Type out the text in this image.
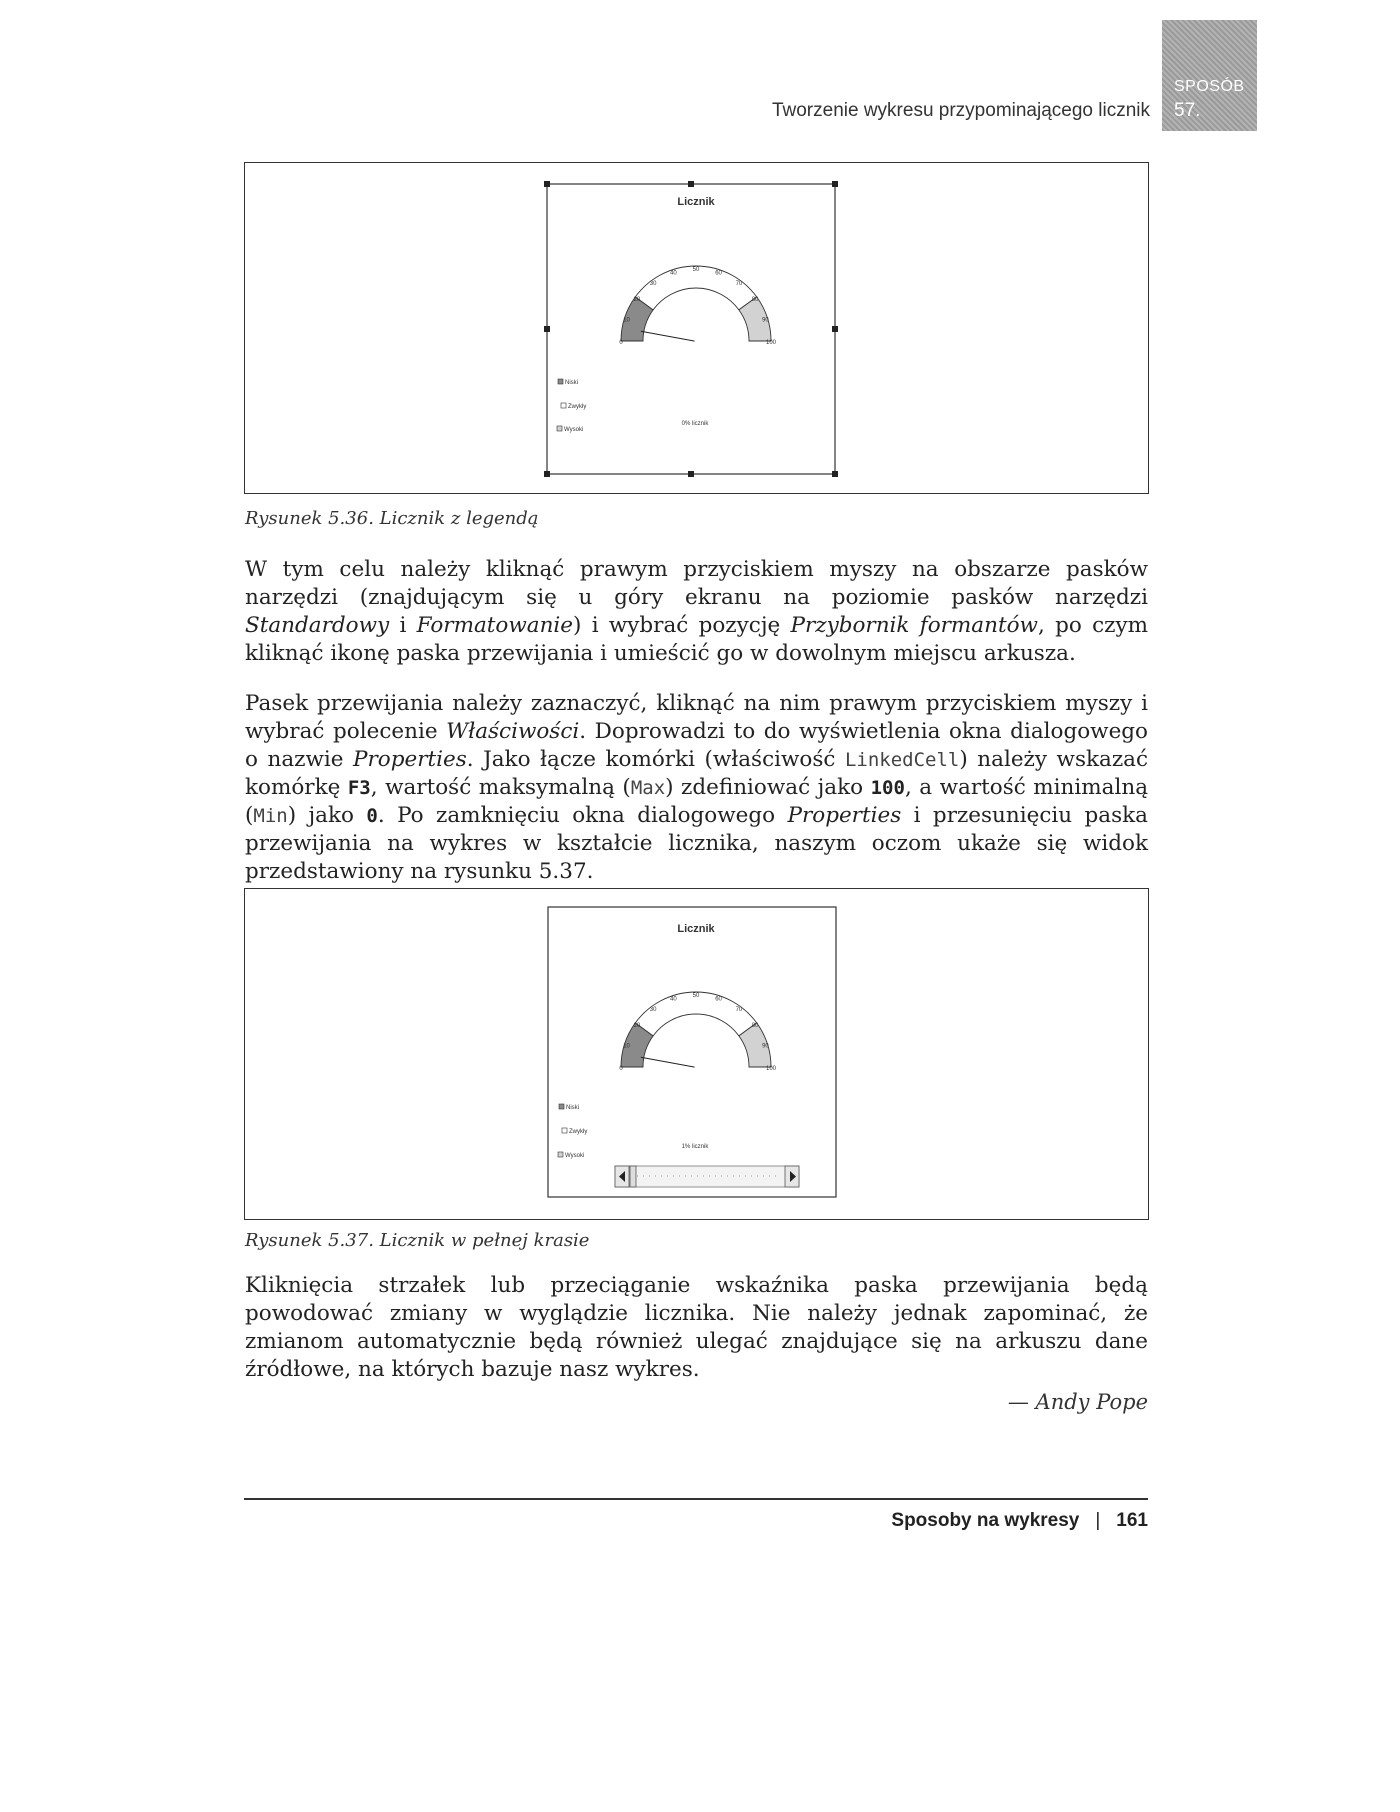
Tworzenie wykresu przypominającego licznik
SPOSÓB
57.
Licznik
0
10
20
30
40
50
60
70
80
90
100
Niski
Zwykły
Wysoki
0% licznik
Rysunek 5.36. Licznik z legendą

W tym celu należy kliknąć prawym przyciskiem myszy na obszarze pasków narzędzi (znajdującym się u góry ekranu na poziomie pasków narzędzi Standardowy i Formatowanie) i wybrać pozycję Przybornik formantów, po czym kliknąć ikonę paska przewijania i umieścić go w dowolnym miejscu arkusza.

Pasek przewijania należy zaznaczyć, kliknąć na nim prawym przyciskiem myszy i wybrać polecenie Właściwości. Doprowadzi to do wyświetlenia okna dialogowego o nazwie Properties. Jako łącze komórki (właściwość LinkedCell) należy wskazać komórkę F3, wartość maksymalną (Max) zdefiniować jako 100, a wartość minimalną (Min) jako 0. Po zamknięciu okna dialogowego Properties i przesunięciu paska przewijania na wykres w kształcie licznika, naszym oczom ukaże się widok przedstawiony na rysunku 5.37.

Licznik
0
10
20
30
40
50
60
70
80
90
100
Niski
Zwykły
Wysoki
1% licznik
Rysunek 5.37. Licznik w pełnej krasie

Kliknięcia strzałek lub przeciąganie wskaźnika paska przewijania będą powodować zmiany w wyglądzie licznika. Nie należy jednak zapominać, że zmianom automatycznie będą również ulegać znajdujące się na arkuszu dane źródłowe, na których bazuje nasz wykres.

— Andy Pope
Sposoby na wykresy | 161
